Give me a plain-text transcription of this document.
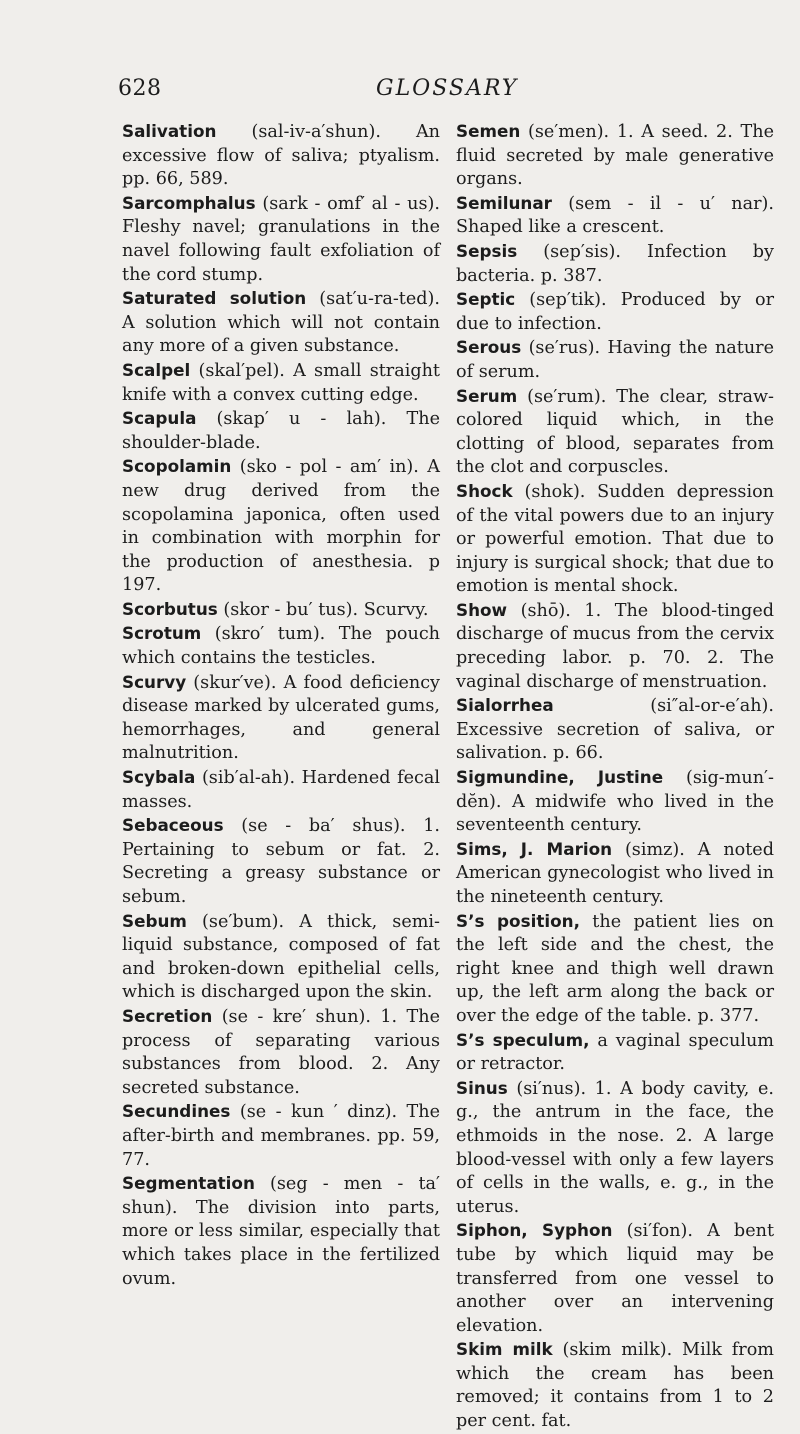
628	GLOSSARY

Salivation (sal-iv-a′shun). An excessive flow of saliva; ptyalism. pp. 66, 589.

Sarcomphalus (sark - omf′ al - us). Fleshy navel; granulations in the navel following fault exfoliation of the cord stump.

Saturated solution (sat′u-ra-ted). A solution which will not contain any more of a given substance.

Scalpel (skal′pel). A small straight knife with a convex cutting edge.

Scapula (skap′ u - lah). The shoulder-blade.

Scopolamin (sko - pol - am′ in). A new drug derived from the scopolamina japonica, often used in combination with morphin for the production of anesthesia. p 197.

Scorbutus (skor - bu′ tus). Scurvy.

Scrotum (skro′ tum). The pouch which contains the testicles.

Scurvy (skur′ve). A food deficiency disease marked by ulcerated gums, hemorrhages, and general malnutrition.

Scybala (sib′al-ah). Hardened fecal masses.

Sebaceous (se - ba′ shus). 1. Pertaining to sebum or fat. 2. Secreting a greasy substance or sebum.

Sebum (se′bum). A thick, semi-liquid substance, composed of fat and broken-down epithelial cells, which is discharged upon the skin.

Secretion (se - kre′ shun). 1. The process of separating various substances from blood. 2. Any secreted substance.

Secundines (se - kun ′ dinz). The after-birth and membranes. pp. 59, 77.

Segmentation (seg - men - ta′ shun). The division into parts, more or less similar, especially that which takes place in the fertilized ovum.

Semen (se′men). 1. A seed. 2. The fluid secreted by male generative organs.

Semilunar (sem - il - u′ nar). Shaped like a crescent.

Sepsis (sep′sis). Infection by bacteria. p. 387.

Septic (sep′tik). Produced by or due to infection.

Serous (se′rus). Having the nature of serum.

Serum (se′rum). The clear, straw-colored liquid which, in the clotting of blood, separates from the clot and corpuscles.

Shock (shok). Sudden depression of the vital powers due to an injury or powerful emotion. That due to injury is surgical shock; that due to emotion is mental shock.

Show (shō). 1. The blood-tinged discharge of mucus from the cervix preceding labor. p. 70. 2. The vaginal discharge of menstruation.

Sialorrhea (si″al-or-e′ah). Excessive secretion of saliva, or salivation. p. 66.

Sigmundine, Justine (sig-mun′-dĕn). A midwife who lived in the seventeenth century.

Sims, J. Marion (simz). A noted American gynecologist who lived in the nineteenth century.

S’s position, the patient lies on the left side and the chest, the right knee and thigh well drawn up, the left arm along the back or over the edge of the table. p. 377.

S’s speculum, a vaginal speculum or retractor.

Sinus (si′nus). 1. A body cavity, e. g., the antrum in the face, the ethmoids in the nose. 2. A large blood-vessel with only a few layers of cells in the walls, e. g., in the uterus.

Siphon, Syphon (si′fon). A bent tube by which liquid may be transferred from one vessel to another over an intervening elevation.

Skim milk (skim milk). Milk from which the cream has been removed; it contains from 1 to 2 per cent. fat.
